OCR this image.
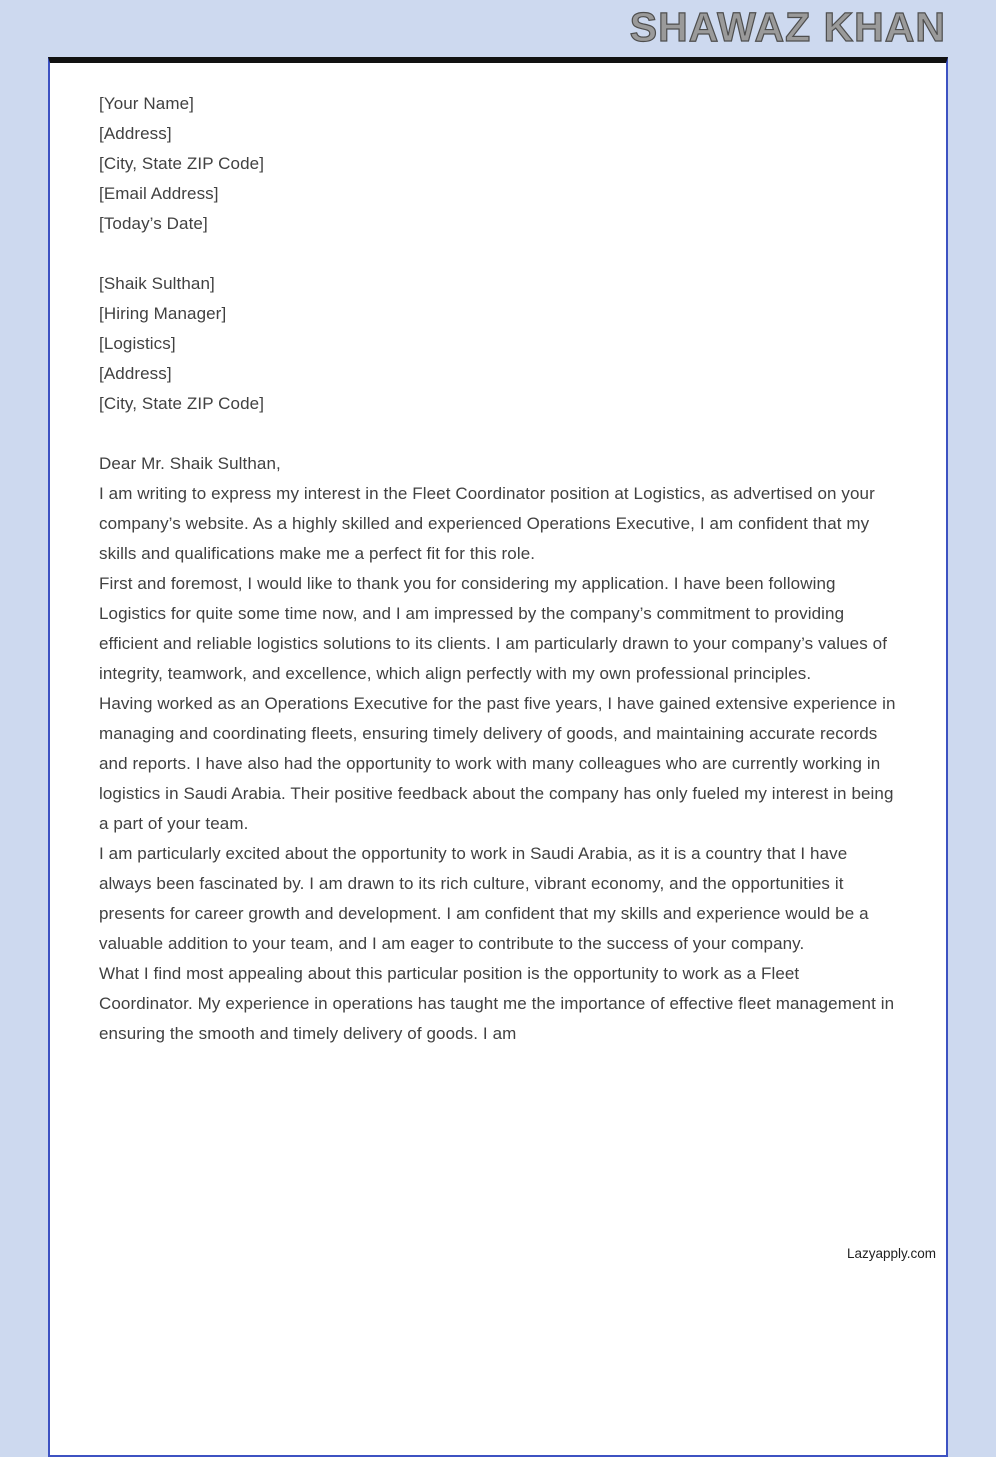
SHAWAZ KHAN

[Your Name]

[Address]

[City, State ZIP Code]

[Email Address]

[Today’s Date]

[Shaik Sulthan]

[Hiring Manager]

[Logistics]

[Address]

[City, State ZIP Code]

Dear Mr. Shaik Sulthan,

I am writing to express my interest in the Fleet Coordinator position at Logistics, as advertised on your company’s website. As a highly skilled and experienced Operations Executive, I am confident that my skills and qualifications make me a perfect fit for this role.

First and foremost, I would like to thank you for considering my application. I have been following Logistics for quite some time now, and I am impressed by the company’s commitment to providing efficient and reliable logistics solutions to its clients. I am particularly drawn to your company’s values of integrity, teamwork, and excellence, which align perfectly with my own professional principles.

Having worked as an Operations Executive for the past five years, I have gained extensive experience in managing and coordinating fleets, ensuring timely delivery of goods, and maintaining accurate records and reports. I have also had the opportunity to work with many colleagues who are currently working in logistics in Saudi Arabia. Their positive feedback about the company has only fueled my interest in being a part of your team.

I am particularly excited about the opportunity to work in Saudi Arabia, as it is a country that I have always been fascinated by. I am drawn to its rich culture, vibrant economy, and the opportunities it presents for career growth and development. I am confident that my skills and experience would be a valuable addition to your team, and I am eager to contribute to the success of your company.

What I find most appealing about this particular position is the opportunity to work as a Fleet Coordinator. My experience in operations has taught me the importance of effective fleet management in ensuring the smooth and timely delivery of goods. I am

Lazyapply.com
